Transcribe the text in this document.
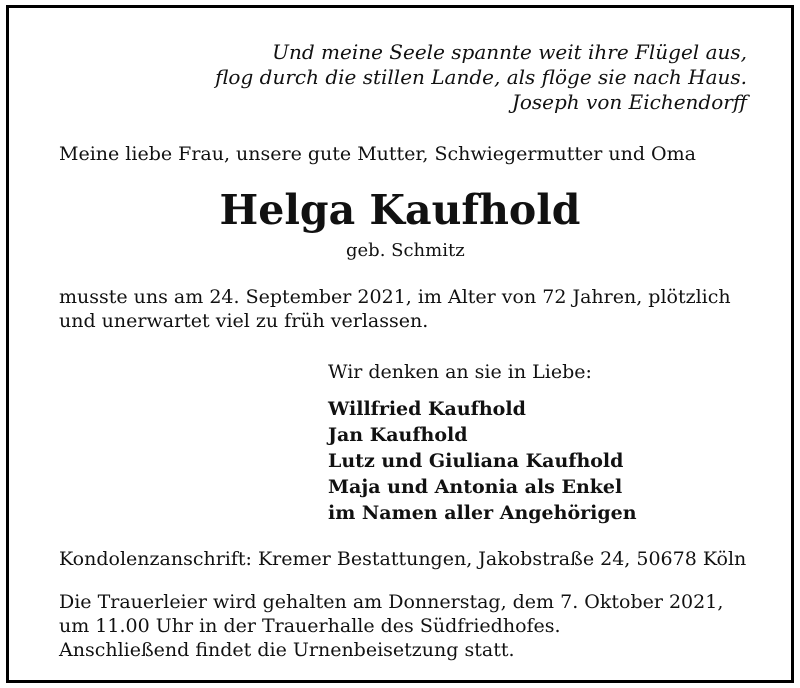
Und meine Seele spannte weit ihre Flügel aus,
flog durch die stillen Lande, als flöge sie nach Haus.
Joseph von Eichendorff
Meine liebe Frau, unsere gute Mutter, Schwiegermutter und Oma
Helga Kaufhold
geb. Schmitz
musste uns am 24. September 2021, im Alter von 72 Jahren, plötzlich
und unerwartet viel zu früh verlassen.
Wir denken an sie in Liebe:
Willfried Kaufhold
Jan Kaufhold
Lutz und Giuliana Kaufhold
Maja und Antonia als Enkel
im Namen aller Angehörigen
Kondolenzanschrift: Kremer Bestattungen, Jakobstraße 24, 50678 Köln
Die Trauerleier wird gehalten am Donnerstag, dem 7. Oktober 2021,
um 11.00 Uhr in der Trauerhalle des Südfriedhofes.
Anschließend findet die Urnenbeisetzung statt.
